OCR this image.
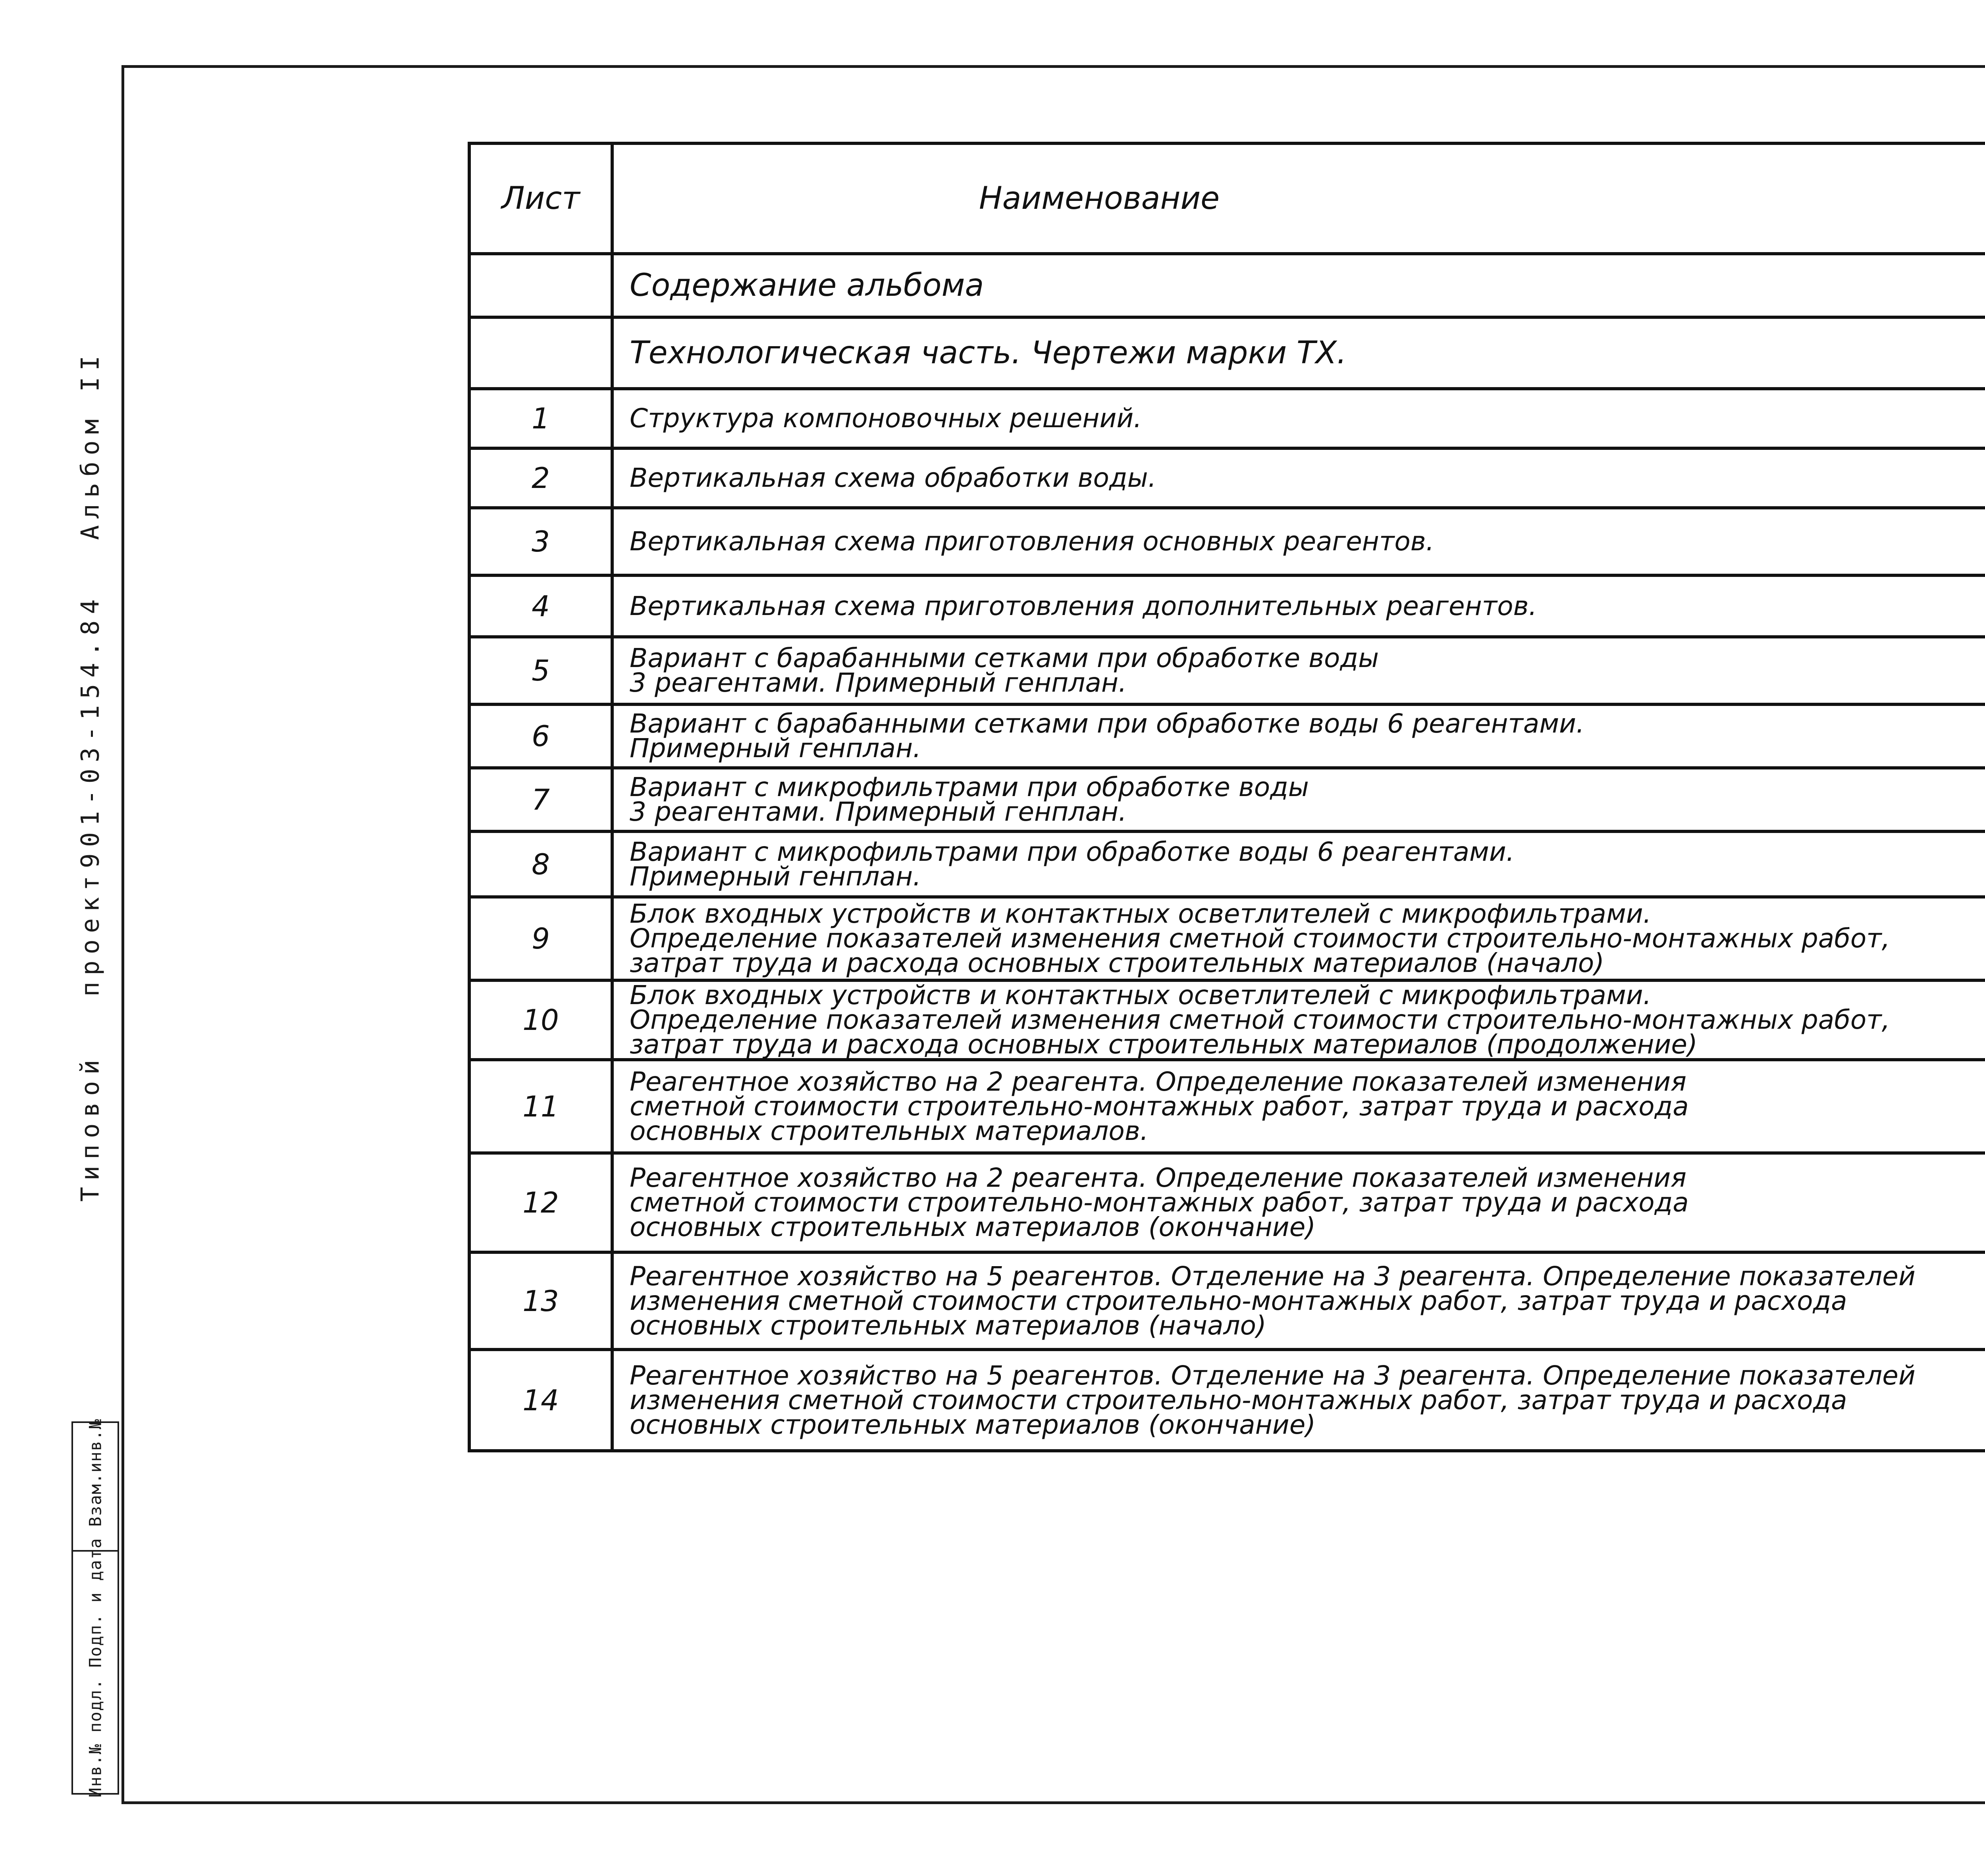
Типовой
проект
901-03-154.84
Альбом II
Инв.№ подл. Подп. и дата Взам.инв.№
Лист	Наименование	

	Содержание альбома

	Технологическая часть. Чертежи марки ТХ.	

1	Структура компоновочных решений.

2	Вертикальная схема обработки воды.

3	Вертикальная схема приготовления основных реагентов.

4	Вертикальная схема приготовления дополнительных реагентов.

5	Вариант с барабанными сетками при обработке воды
3 реагентами. Примерный генплан.

6	Вариант с барабанными сетками при обработке воды 6 реагентами.
Примерный генплан.

7	Вариант с микрофильтрами при обработке воды
3 реагентами. Примерный генплан.

8	Вариант с микрофильтрами при обработке воды 6 реагентами.
Примерный генплан.

9	Блок входных устройств и контактных осветлителей с микрофильтрами.
Определение показателей изменения сметной стоимости строительно-монтажных работ,
затрат труда и расхода основных строительных материалов (начало)

10	Блок входных устройств и контактных осветлителей с микрофильтрами.
Определение показателей изменения сметной стоимости строительно-монтажных работ,
затрат труда и расхода основных строительных материалов (продолжение)

11	Реагентное хозяйство на 2 реагента. Определение показателей изменения
сметной стоимости строительно-монтажных работ, затрат труда и расхода
основных строительных материалов.

12	Реагентное хозяйство на 2 реагента. Определение показателей изменения
сметной стоимости строительно-монтажных работ, затрат труда и расхода
основных строительных материалов (окончание)

13	Реагентное хозяйство на 5 реагентов. Отделение на 3 реагента. Определение показателей
изменения сметной стоимости строительно-монтажных работ, затрат труда и расхода
основных строительных материалов (начало)

14	Реагентное хозяйство на 5 реагентов. Отделение на 3 реагента. Определение показателей
изменения сметной стоимости строительно-монтажных работ, затрат труда и расхода
основных строительных материалов (окончание)
